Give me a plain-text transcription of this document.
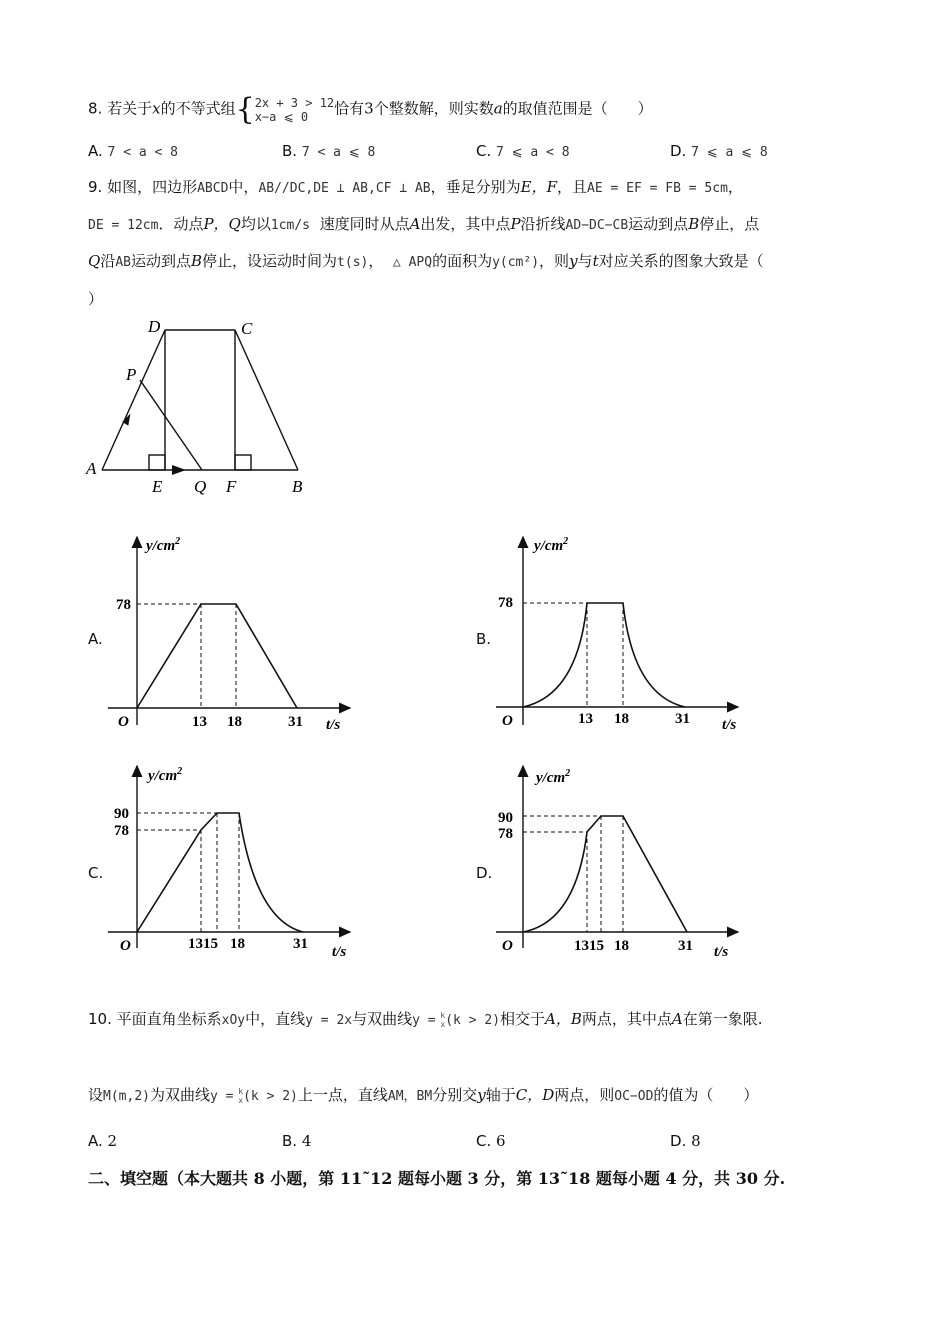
8. 若关于x的不等式组{2x + 3 > 12
x−a ⩽ 0 恰有3个整数解，则实数a的取值范围是（　　）
A. 7 < a < 8	B. 7 < a ⩽ 8	C. 7 ⩽ a < 8	D. 7 ⩽ a ⩽ 8
9. 如图，四边形ABCD中，AB//DC,DE ⊥ AB,CF ⊥ AB，垂足分别为E，F，且AE = EF = FB = 5cm，
DE = 12cm．动点P，Q均以1cm/s 速度同时从点A出发，其中点P沿折线AD−DC−CB运动到点B停止，点
Q沿AB运动到点B停止，设运动时间为t(s)， △ APQ的面积为y(cm²)，则y与t对应关系的图象大致是（
）
D	C
P
A
E Q F	B
A.
$y/cm^2$
78
O	13 18	31 t/s
B.
$y/cm^2$
78
O	13 18	31 t/s
C.
$y/cm^2$
90
78
O	1315 18	31 t/s
D.
$y/cm^2$
90
78
O	1315 18	31 t/s
10. 平面直角坐标系xOy中，直线y = 2x与双曲线y = k
x(k > 2)相交于A，B两点，其中点A在第一象限.
设M(m,2)为双曲线y = k
x(k > 2)上一点，直线AM，BM分别交y轴于C，D两点，则OC−OD的值为（　　）
A. 2	B. 4	C. 6	D. 8
二、填空题（本大题共 8 小题，第 11˜12 题每小题 3 分，第 13˜18 题每小题 4 分，共 30 分.
